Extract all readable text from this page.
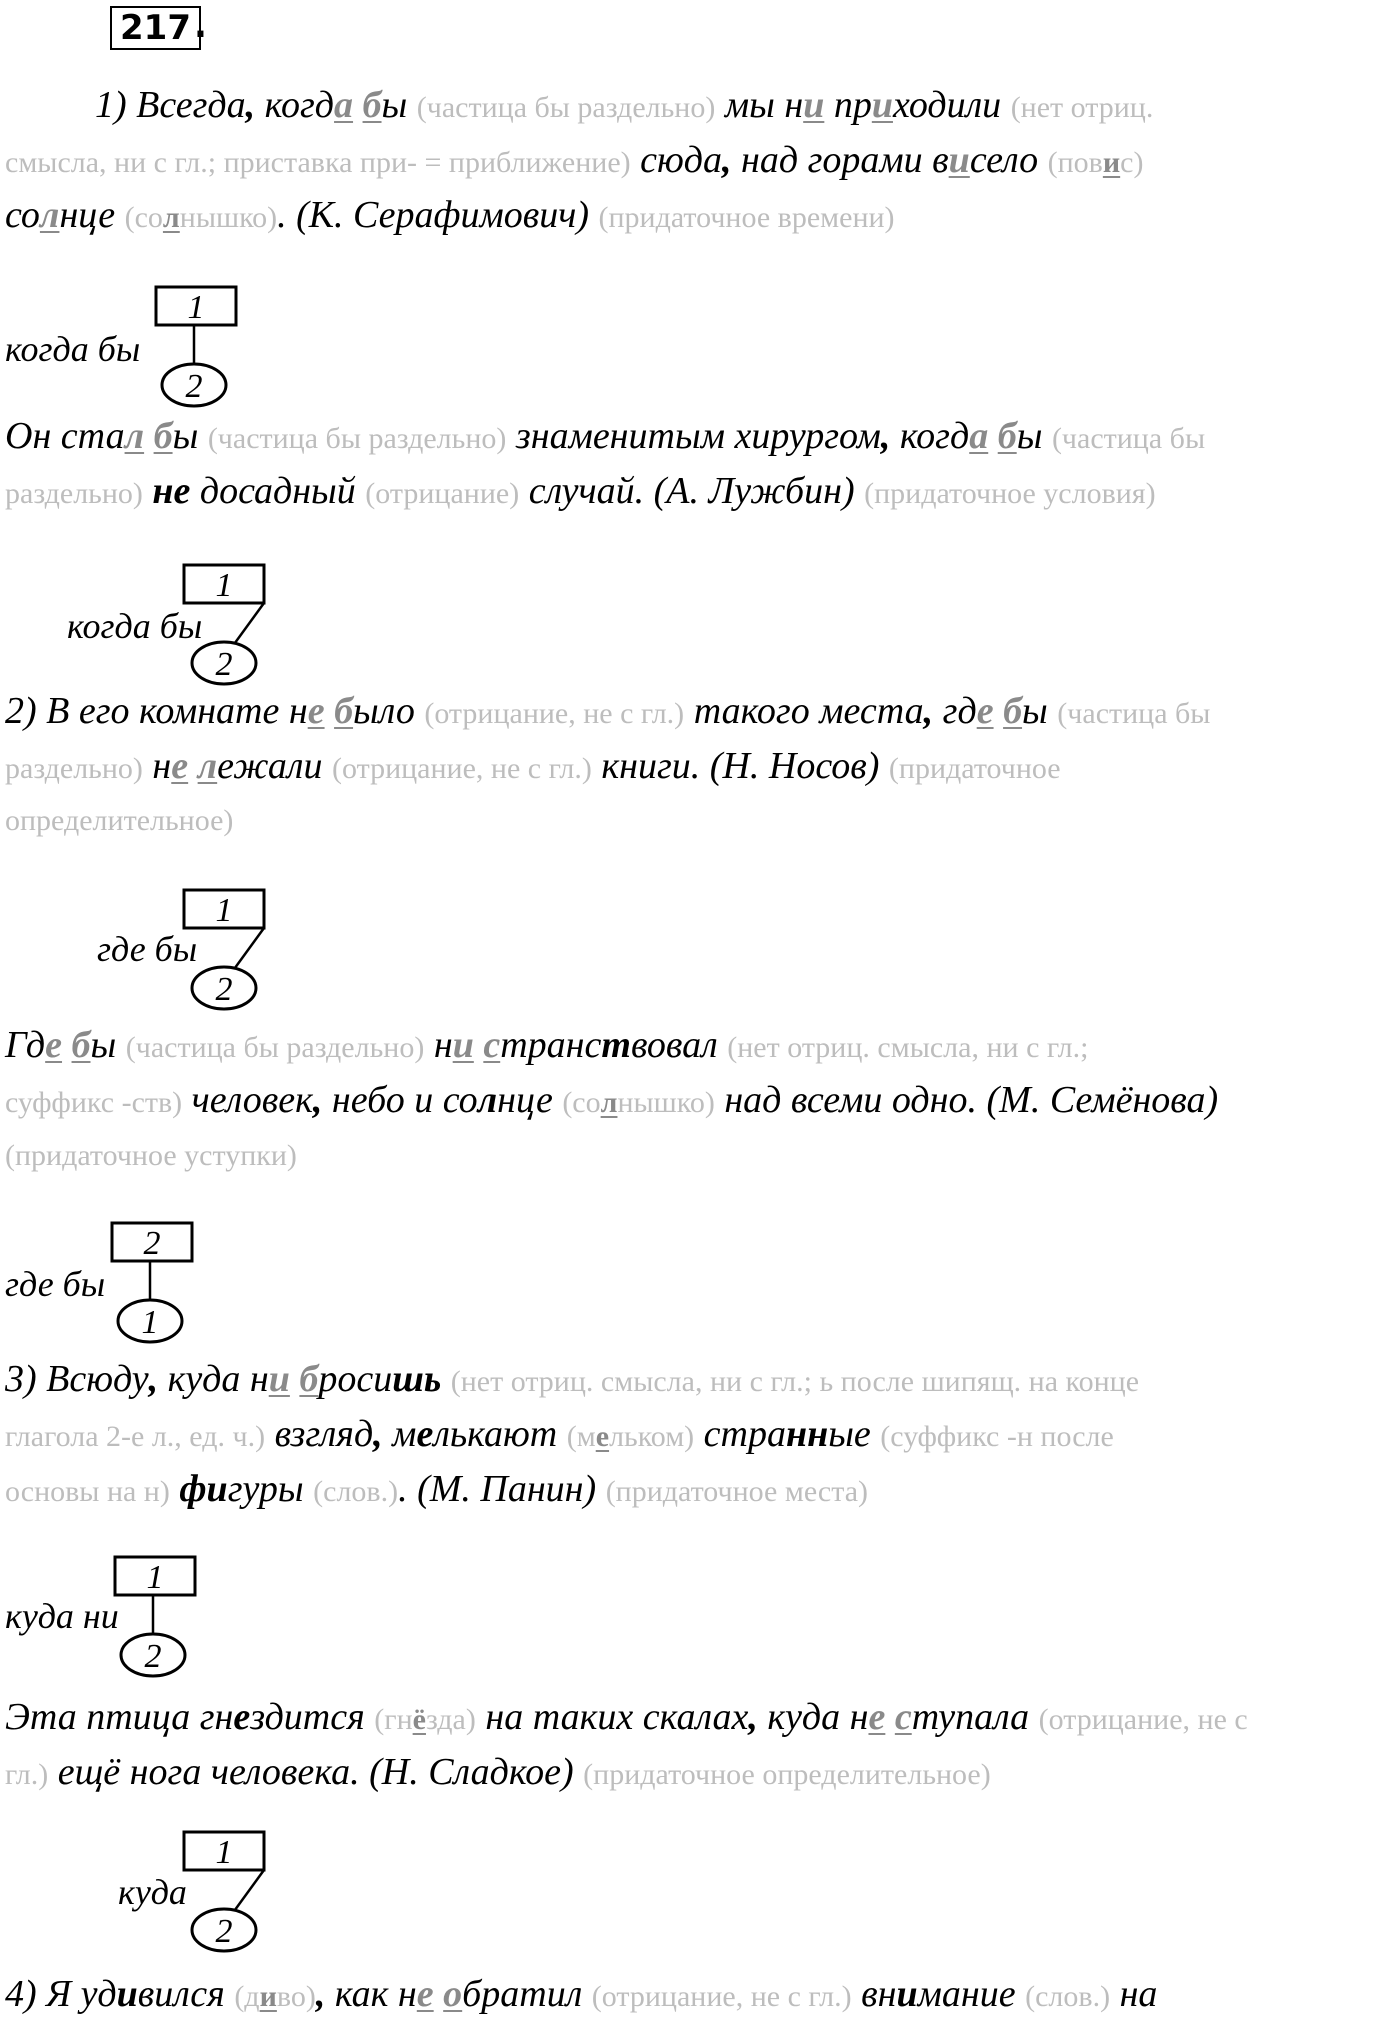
217 .
1) Всегда, когда бы (частица бы раздельно) мы ни приходили (нет отриц.
смысла, ни с гл.; приставка при- = приближение) сюда, над горами висело (повис)
солнце (солнышко). (К. Серафимович) (придаточное времени)
Он стал бы (частица бы раздельно) знаменитым хирургом, когда бы (частица бы
раздельно) не досадный (отрицание) случай. (А. Лужбин) (придаточное условия)
2) В его комнате не было (отрицание, не с гл.) такого места, где бы (частица бы
раздельно) не лежали (отрицание, не с гл.) книги. (Н. Носов) (придаточное
определительное)
Где бы (частица бы раздельно) ни странствовал (нет отриц. смысла, ни с гл.;
суффикс -ств) человек, небо и солнце (солнышко) над всеми одно. (М. Семёнова)
(придаточное уступки)
3) Всюду, куда ни бросишь (нет отриц. смысла, ни с гл.; ь после шипящ. на конце
глагола 2-е л., ед. ч.) взгляд, мелькают (мельком) странные (суффикс -н после
основы на н) фигуры (слов.). (М. Панин) (придаточное места)
Эта птица гнездится (гнёзда) на таких скалах, куда не ступала (отрицание, не с
гл.) ещё нога человека. (Н. Сладкое) (придаточное определительное)
4) Я удивился (диво), как не обратил (отрицание, не с гл.) внимание (слов.) на
когда бы
1
2
когда бы
1
2
где бы
1
2
где бы
2
1
куда ни
1
2
куда
1
2
